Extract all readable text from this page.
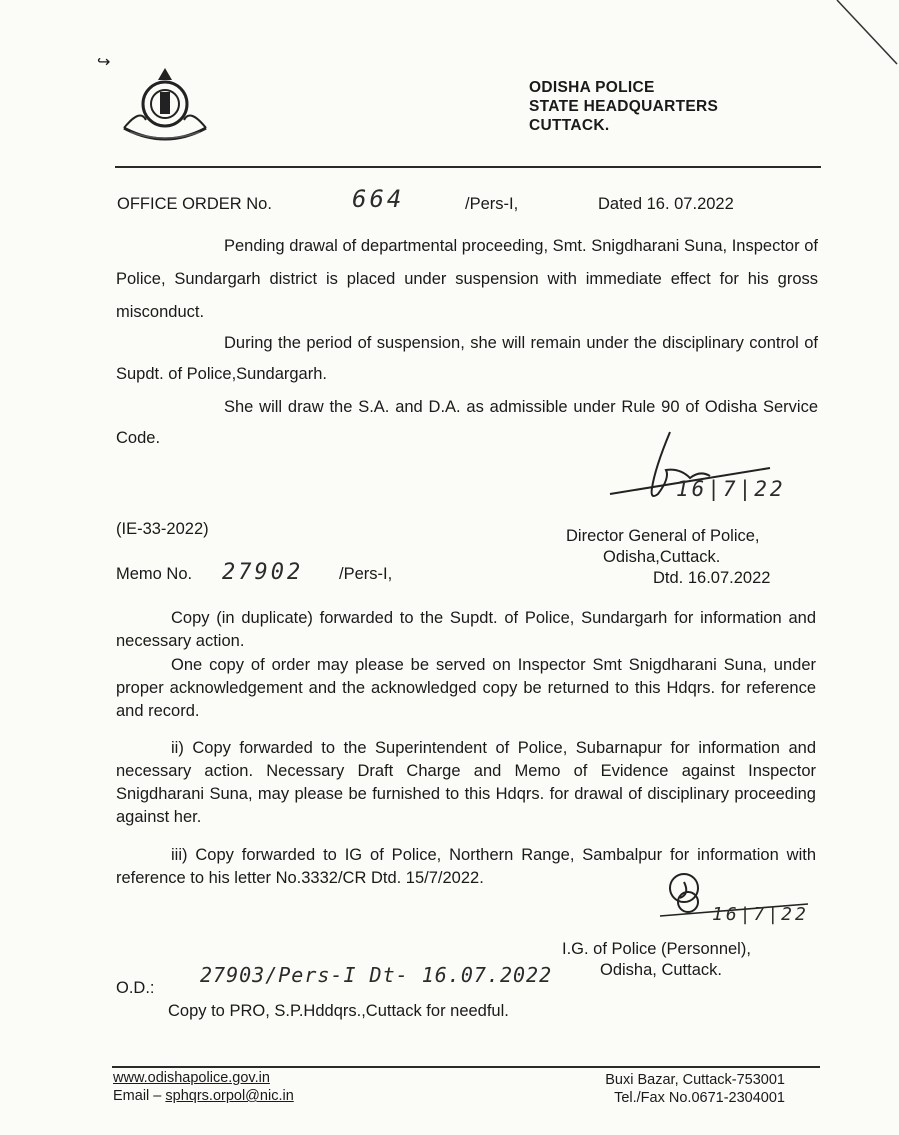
↪
ODISHA POLICE
STATE HEADQUARTERS
CUTTACK.
OFFICE ORDER No.	664	/Pers-I,	Dated 16. 07.2022
Pending drawal of departmental proceeding, Smt. Snigdharani Suna, Inspector of Police, Sundargarh district is placed under suspension with immediate effect for his gross misconduct.
During the period of suspension, she will remain under the disciplinary control of Supdt. of Police,Sundargarh.
She will draw the S.A. and D.A. as admissible under Rule 90 of Odisha Service Code.
16|7|22
(IE-33-2022)	Director General of Police,
Odisha,Cuttack.
Memo No. 27902 /Pers-I,	Dtd. 16.07.2022
Copy (in duplicate) forwarded to the Supdt. of Police, Sundargarh for information and necessary action.
One copy of order may please be served on Inspector Smt Snigdharani Suna, under proper acknowledgement and the acknowledged copy be returned to this Hdqrs. for reference and record.
ii) Copy forwarded to the Superintendent of Police, Subarnapur for information and necessary action. Necessary Draft Charge and Memo of Evidence against Inspector Snigdharani Suna, may please be furnished to this Hdqrs. for drawal of disciplinary proceeding against her.
iii) Copy forwarded to IG of Police, Northern Range, Sambalpur for information with reference to his letter No.3332/CR Dtd. 15/7/2022.
16|7|22
I.G. of Police (Personnel),
Odisha, Cuttack.
O.D.:
27903/Pers-I Dt- 16.07.2022
Copy to PRO, S.P.Hddqrs.,Cuttack for needful.
www.odishapolice.gov.in
Email – sphqrs.orpol@nic.in
Buxi Bazar, Cuttack-753001
Tel./Fax No.0671-2304001
